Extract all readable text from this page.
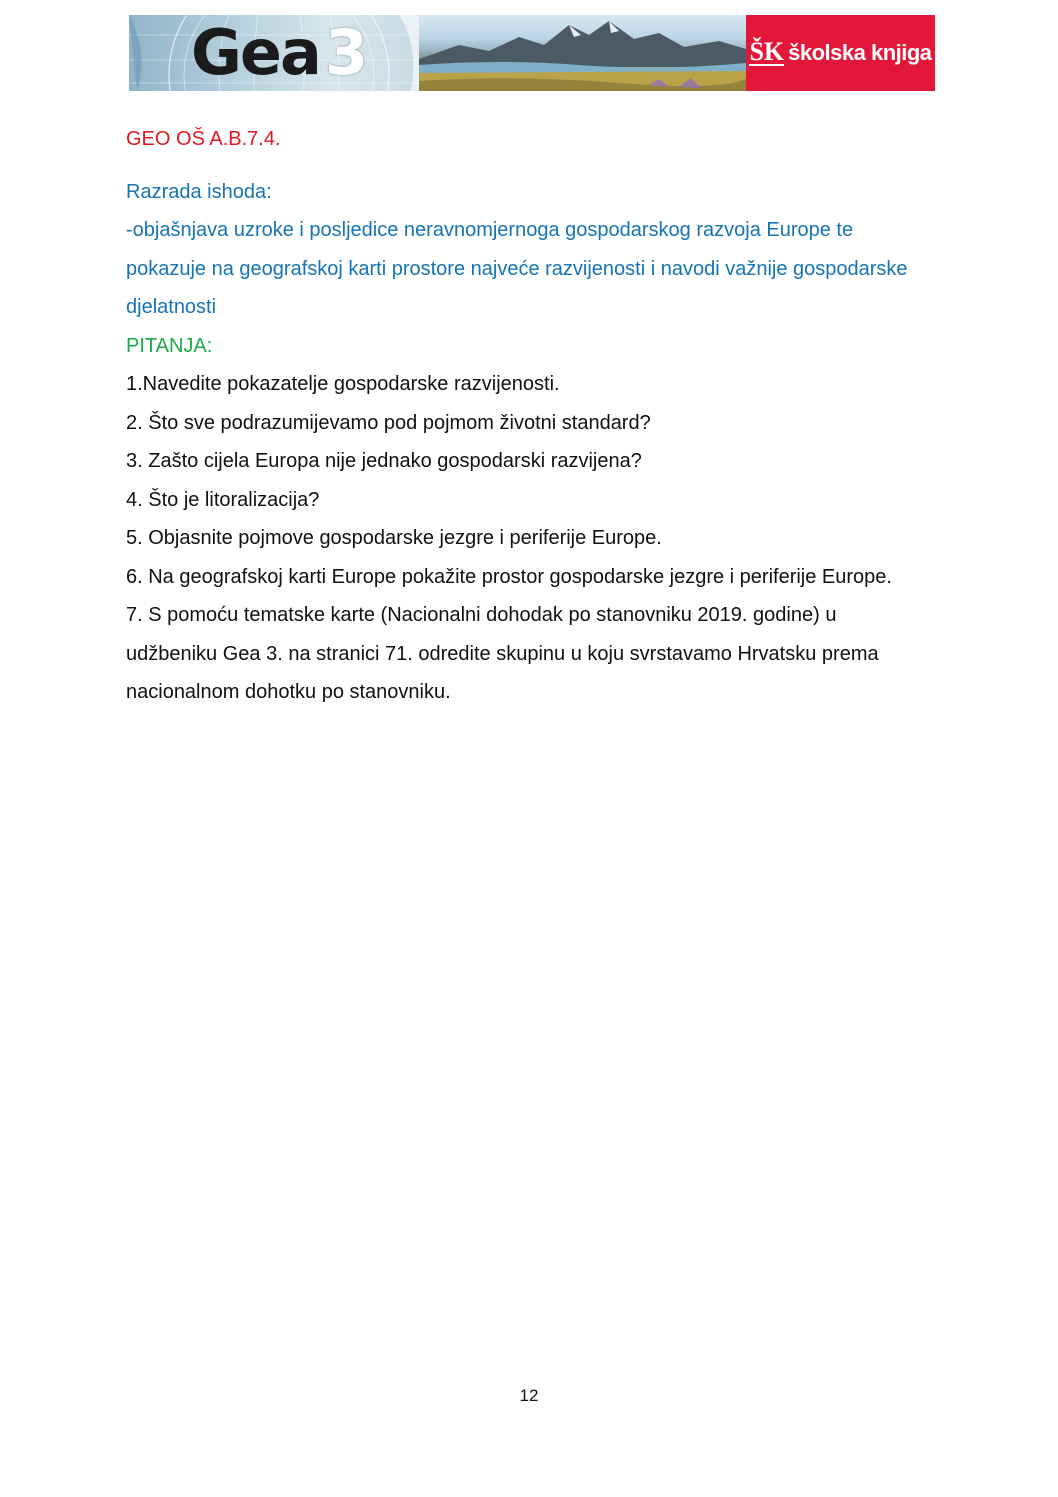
Gea 3	ŠK školska knjiga

GEO OŠ A.B.7.4.

Razrada ishoda:

-objašnjava uzroke i posljedice neravnomjernoga gospodarskog razvoja Europe te pokazuje na geografskoj karti prostore najveće razvijenosti i navodi važnije gospodarske djelatnosti

PITANJA:

1.Navedite pokazatelje gospodarske razvijenosti.

2. Što sve podrazumijevamo pod pojmom životni standard?

3. Zašto cijela Europa nije jednako gospodarski razvijena?

4. Što je litoralizacija?

5. Objasnite pojmove gospodarske jezgre i periferije Europe.

6. Na geografskoj karti Europe pokažite prostor gospodarske jezgre i periferije Europe.

7. S pomoću tematske karte (Nacionalni dohodak po stanovniku 2019. godine) u udžbeniku Gea 3. na stranici 71. odredite skupinu u koju svrstavamo Hrvatsku prema nacionalnom dohotku po stanovniku.

12
